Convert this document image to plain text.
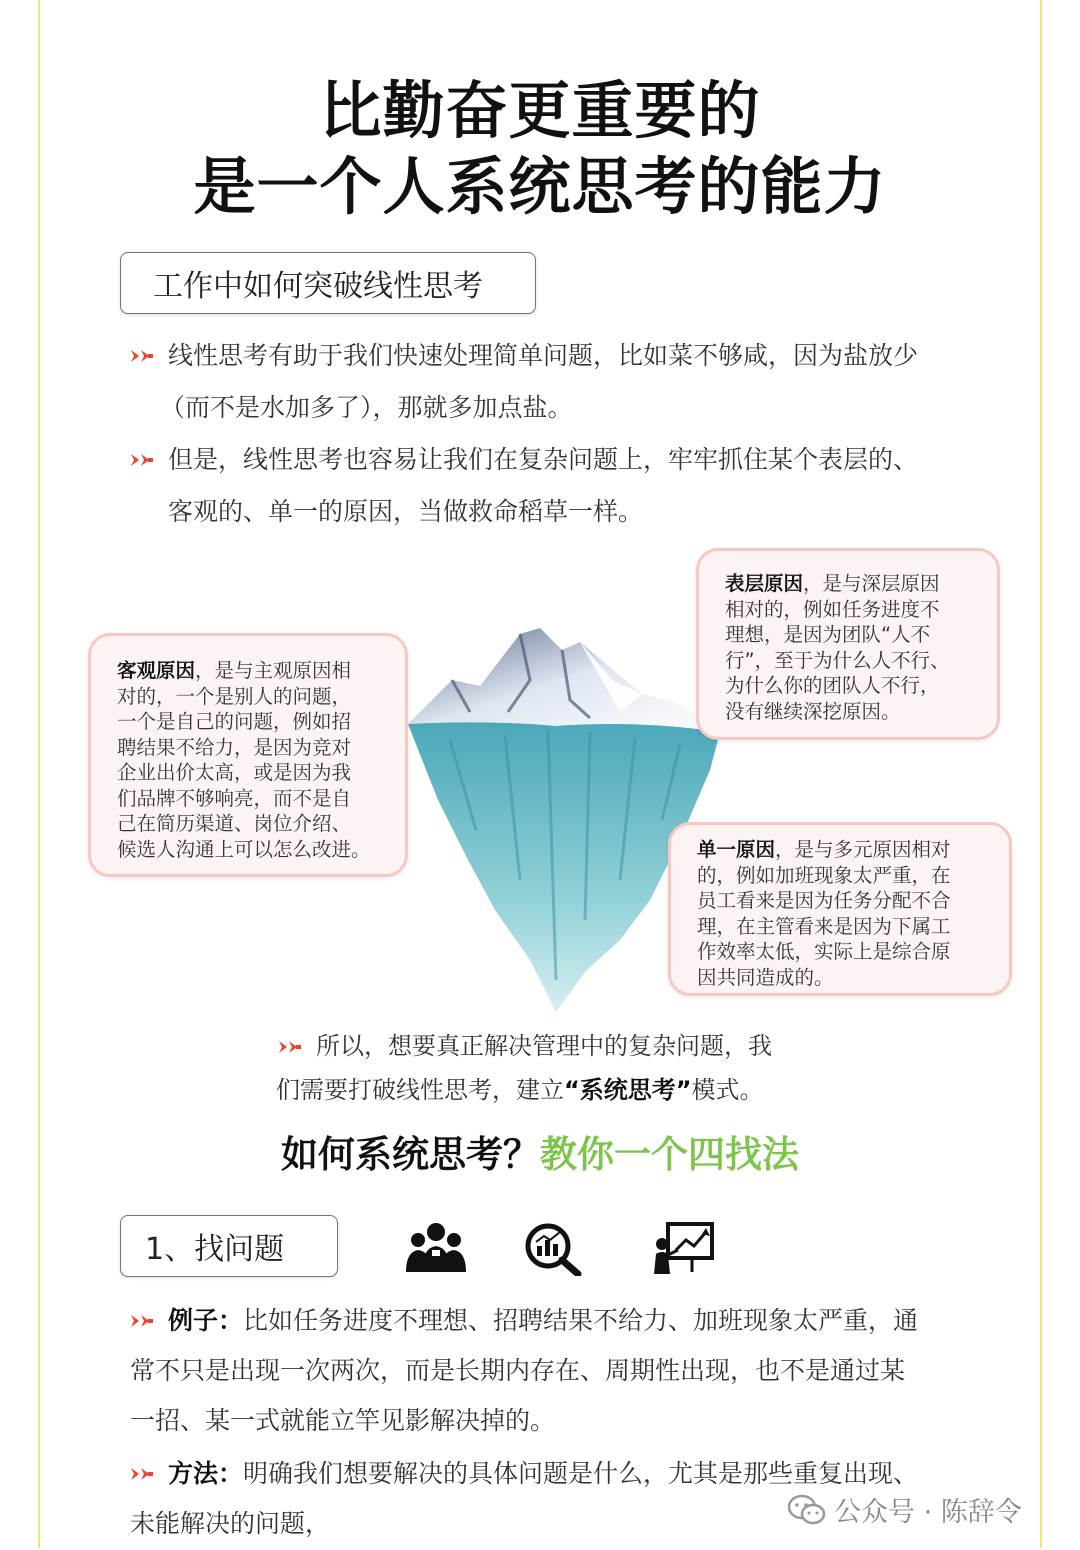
比勤奋更重要的
是一个人系统思考的能力
工作中如何突破线性思考
线性思考有助于我们快速处理简单问题，比如菜不够咸，因为盐放少
（而不是水加多了），那就多加点盐。
但是，线性思考也容易让我们在复杂问题上，牢牢抓住某个表层的、
客观的、单一的原因，当做救命稻草一样。
客观原因，是与主观原因相
对的，一个是别人的问题，
一个是自己的问题，例如招
聘结果不给力，是因为竞对
企业出价太高，或是因为我
们品牌不够响亮，而不是自
己在简历渠道、岗位介绍、
候选人沟通上可以怎么改进。
表层原因，是与深层原因
相对的，例如任务进度不
理想，是因为团队“人不
行”，至于为什么人不行、
为什么你的团队人不行，
没有继续深挖原因。
单一原因，是与多元原因相对
的，例如加班现象太严重，在
员工看来是因为任务分配不合
理，在主管看来是因为下属工
作效率太低，实际上是综合原
因共同造成的。
所以，想要真正解决管理中的复杂问题，我
们需要打破线性思考，建立“系统思考”模式。
如何系统思考？教你一个四找法
1、找问题
例子：比如任务进度不理想、招聘结果不给力、加班现象太严重，通
常不只是出现一次两次，而是长期内存在、周期性出现，也不是通过某
一招、某一式就能立竿见影解决掉的。
方法：明确我们想要解决的具体问题是什么，尤其是那些重复出现、
未能解决的问题，	公众号 · 陈辞令
